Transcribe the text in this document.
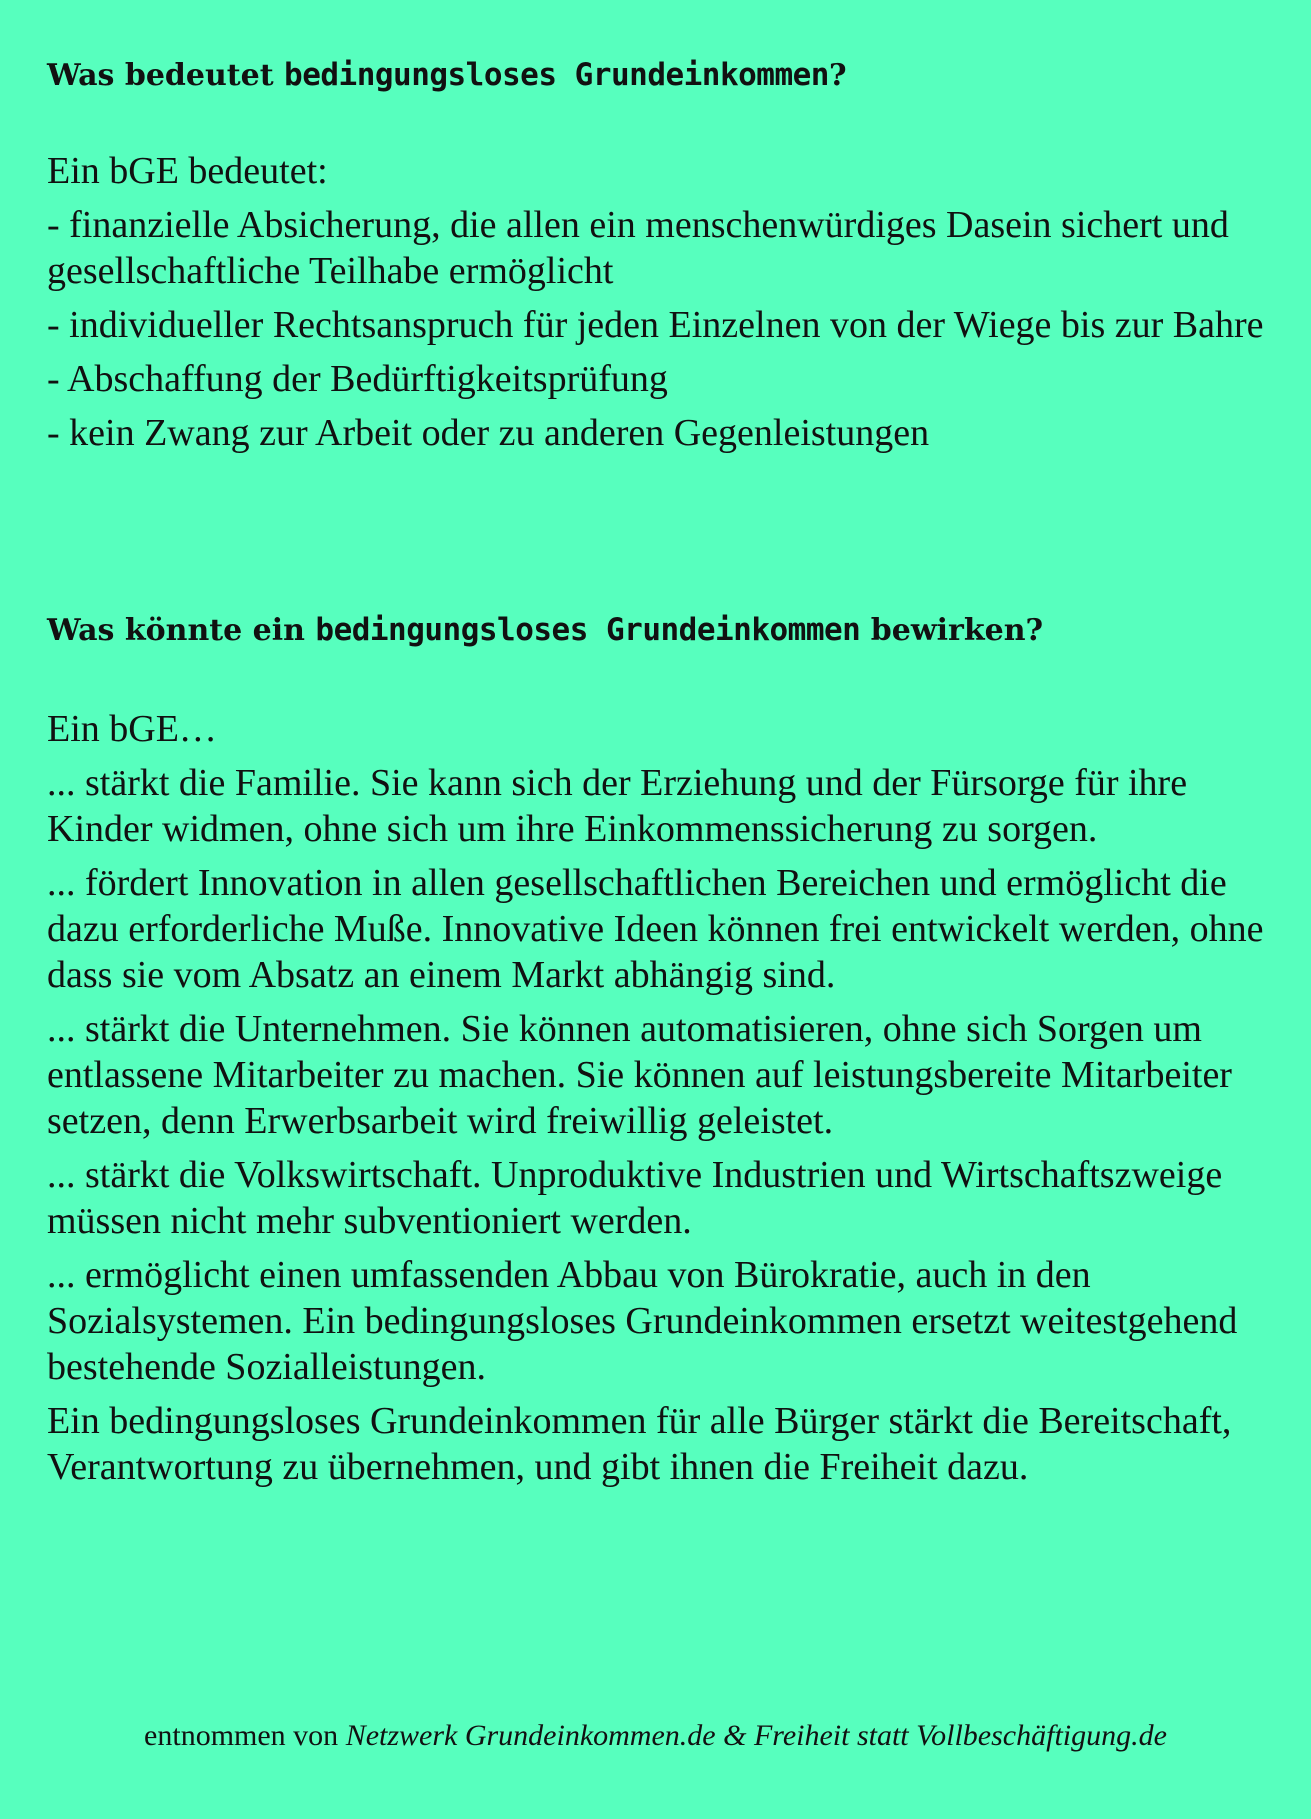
Was bedeutet bedingungsloses Grundeinkommen?

Ein bGE bedeutet:

- finanzielle Absicherung, die allen ein menschenwürdiges Dasein sichert und gesellschaftliche Teilhabe ermöglicht

- individueller Rechtsanspruch für jeden Einzelnen von der Wiege bis zur Bahre

- Abschaffung der Bedürftigkeitsprüfung

- kein Zwang zur Arbeit oder zu anderen Gegenleistungen

Was könnte ein bedingungsloses Grundeinkommen bewirken?

Ein bGE…

... stärkt die Familie. Sie kann sich der Erziehung und der Fürsorge für ihre Kinder widmen, ohne sich um ihre Einkommenssicherung zu sorgen.

... fördert Innovation in allen gesellschaftlichen Bereichen und ermöglicht die dazu erforderliche Muße. Innovative Ideen können frei entwickelt werden, ohne dass sie vom Absatz an einem Markt abhängig sind.

... stärkt die Unternehmen. Sie können automatisieren, ohne sich Sorgen um entlassene Mitarbeiter zu machen. Sie können auf leistungsbereite Mitarbeiter setzen, denn Erwerbsarbeit wird freiwillig geleistet.

... stärkt die Volkswirtschaft. Unproduktive Industrien und Wirtschaftszweige müssen nicht mehr subventioniert werden.

... ermöglicht einen umfassenden Abbau von Bürokratie, auch in den Sozialsystemen. Ein bedingungsloses Grundeinkommen ersetzt weitestgehend bestehende Sozialleistungen.

Ein bedingungsloses Grundeinkommen für alle Bürger stärkt die Bereitschaft, Verantwortung zu übernehmen, und gibt ihnen die Freiheit dazu.

entnommen von Netzwerk Grundeinkommen.de & Freiheit statt Vollbeschäftigung.de
